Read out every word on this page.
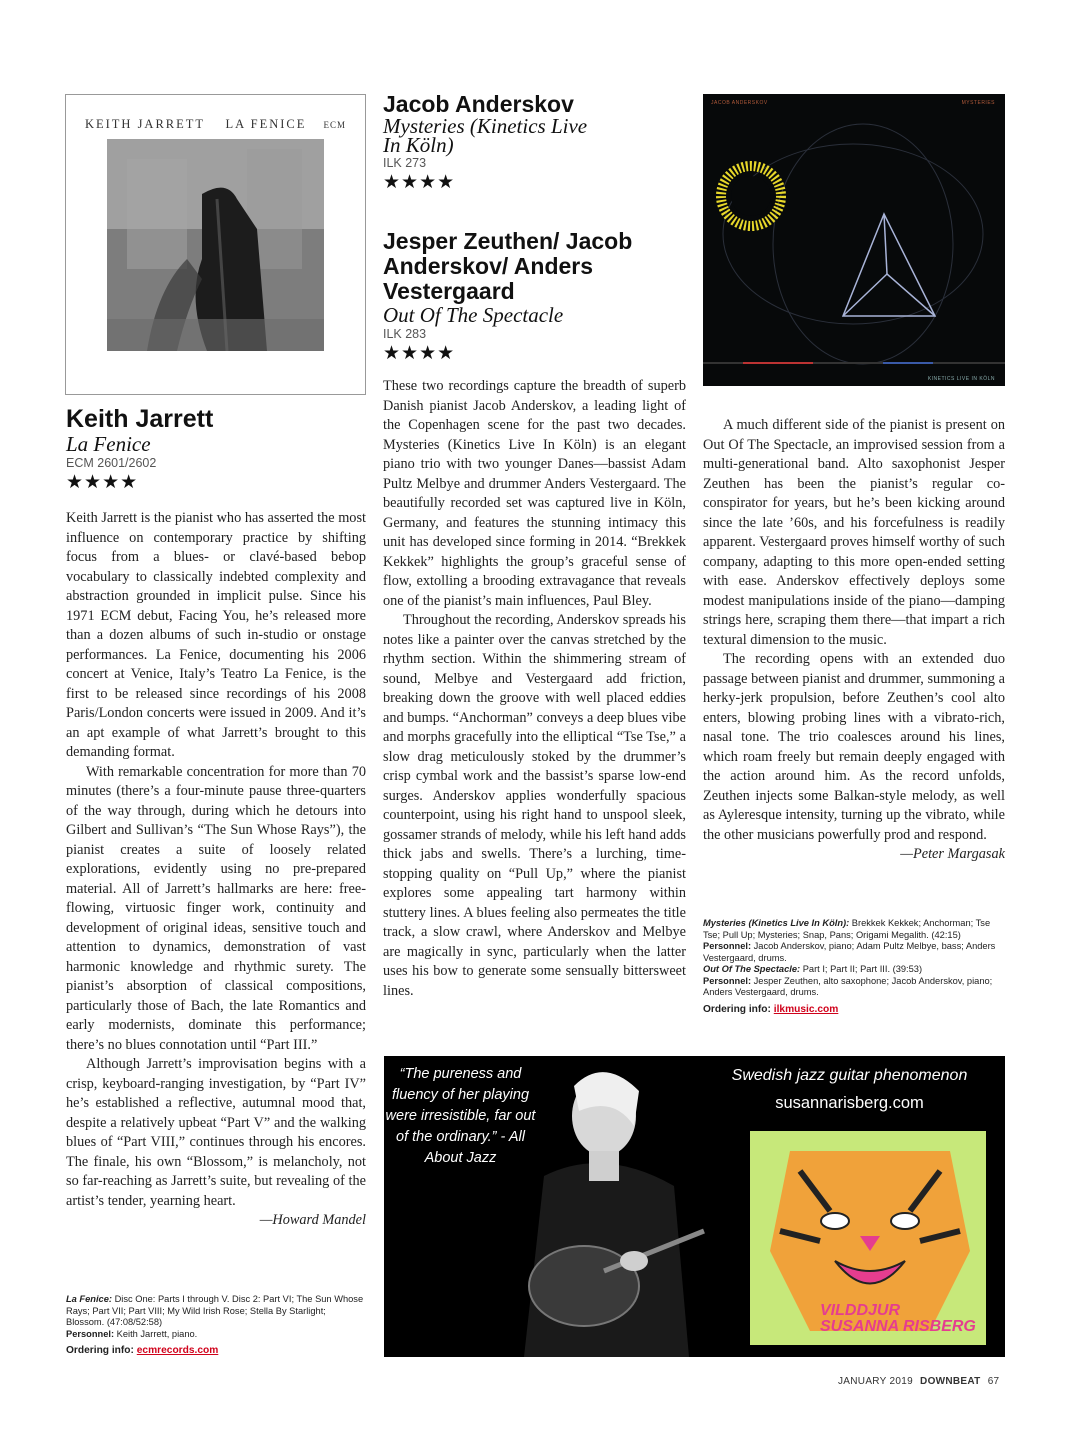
KEITH JARRETT LA FENICE ECM
Keith Jarrett
La Fenice
ECM 2601/2602
★★★★

Keith Jarrett is the pianist who has asserted the most influence on contemporary practice by shifting focus from a blues- or clavé-based bebop vocabulary to classically indebted complexity and abstraction grounded in implicit pulse. Since his 1971 ECM debut, Facing You, he’s released more than a dozen albums of such in-studio or onstage performances. La Fenice, documenting his 2006 concert at Venice, Italy’s Teatro La Fenice, is the first to be released since recordings of his 2008 Paris/London concerts were issued in 2009. And it’s an apt example of what Jarrett’s brought to this demanding format.

With remarkable concentration for more than 70 minutes (there’s a four-minute pause three-quarters of the way through, during which he detours into Gilbert and Sullivan’s “The Sun Whose Rays”), the pianist creates a suite of loosely related explorations, evidently using no pre-prepared material. All of Jarrett’s hallmarks are here: free-flowing, virtuosic finger work, continuity and development of original ideas, sensitive touch and attention to dynamics, demonstration of vast harmonic knowledge and rhythmic surety. The pianist’s absorption of classical compositions, particularly those of Bach, the late Romantics and early modernists, dominate this performance; there’s no blues connotation until “Part III.”

Although Jarrett’s improvisation begins with a crisp, keyboard-ranging investigation, by “Part IV” he’s established a reflective, autumnal mood that, despite a relatively upbeat “Part V” and the walking blues of “Part VIII,” continues through his encores. The finale, his own “Blossom,” is melancholy, not so far-reaching as Jarrett’s suite, but revealing of the artist’s tender, yearning heart.

—Howard Mandel

La Fenice: Disc One: Parts I through V. Disc 2: Part VI; The Sun Whose Rays; Part VII; Part VIII; My Wild Irish Rose; Stella By Starlight; Blossom. (47:08/52:58)

Personnel: Keith Jarrett, piano.

Ordering info: ecmrecords.com

Jacob Anderskov
Mysteries (Kinetics Live In Köln)
ILK 273
★★★★
Jesper Zeuthen/ Jacob Anderskov/ Anders Vestergaard
Out Of The Spectacle
ILK 283
★★★★
JACOB ANDERSKOV	MYSTERIES
KINETICS LIVE IN KÖLN

These two recordings capture the breadth of superb Danish pianist Jacob Anderskov, a leading light of the Copenhagen scene for the past two decades. Mysteries (Kinetics Live In Köln) is an elegant piano trio with two younger Danes—bassist Adam Pultz Melbye and drummer Anders Vestergaard. The beautifully recorded set was captured live in Köln, Germany, and features the stunning intimacy this unit has developed since forming in 2014. “Brekkek Kekkek” highlights the group’s graceful sense of flow, extolling a brooding extravagance that reveals one of the pianist’s main influences, Paul Bley.

Throughout the recording, Anderskov spreads his notes like a painter over the canvas stretched by the rhythm section. Within the shimmering stream of sound, Melbye and Vestergaard add friction, breaking down the groove with well placed eddies and bumps. “Anchorman” conveys a deep blues vibe and morphs gracefully into the elliptical “Tse Tse,” a slow drag meticulously stoked by the drummer’s crisp cymbal work and the bassist’s sparse low-end surges. Anderskov applies wonderfully spacious counterpoint, using his right hand to unspool sleek, gossamer strands of melody, while his left hand adds thick jabs and swells. There’s a lurching, time-stopping quality on “Pull Up,” where the pianist explores some appealing tart harmony within stuttery lines. A blues feeling also permeates the title track, a slow crawl, where Anderskov and Melbye are magically in sync, particularly when the latter uses his bow to generate some sensually bittersweet lines.

A much different side of the pianist is present on Out Of The Spectacle, an improvised session from a multi-generational band. Alto saxophonist Jesper Zeuthen has been the pianist’s regular co-conspirator for years, but he’s been kicking around since the late ’60s, and his forcefulness is readily apparent. Vestergaard proves himself worthy of such company, adapting to this more open-ended setting with ease. Anderskov effectively deploys some modest manipulations inside of the piano—damping strings here, scraping them there—that impart a rich textural dimension to the music.

The recording opens with an extended duo passage between pianist and drummer, summoning a herky-jerk propulsion, before Zeuthen’s cool alto enters, blowing probing lines with a vibrato-rich, nasal tone. The trio coalesces around his lines, which roam freely but remain deeply engaged with the action around him. As the record unfolds, Zeuthen injects some Balkan-style melody, as well as Ayleresque intensity, turning up the vibrato, while the other musicians powerfully prod and respond.

—Peter Margasak

Mysteries (Kinetics Live In Köln): Brekkek Kekkek; Anchorman; Tse Tse; Pull Up; Mysteries; Snap, Pans; Origami Megalith. (42:15)

Personnel: Jacob Anderskov, piano; Adam Pultz Melbye, bass; Anders Vestergaard, drums.

Out Of The Spectacle: Part I; Part II; Part III. (39:53)

Personnel: Jesper Zeuthen, alto saxophone; Jacob Anderskov, piano; Anders Vestergaard, drums.

Ordering info: ilkmusic.com

“The pureness and fluency of her playing were irresistible, far out of the ordinary.” - All About Jazz
Swedish jazz guitar phenomenon
susannarisberg.com
VILDDJUR
SUSANNA RISBERG
JANUARY 2019 DOWNBEAT 67
